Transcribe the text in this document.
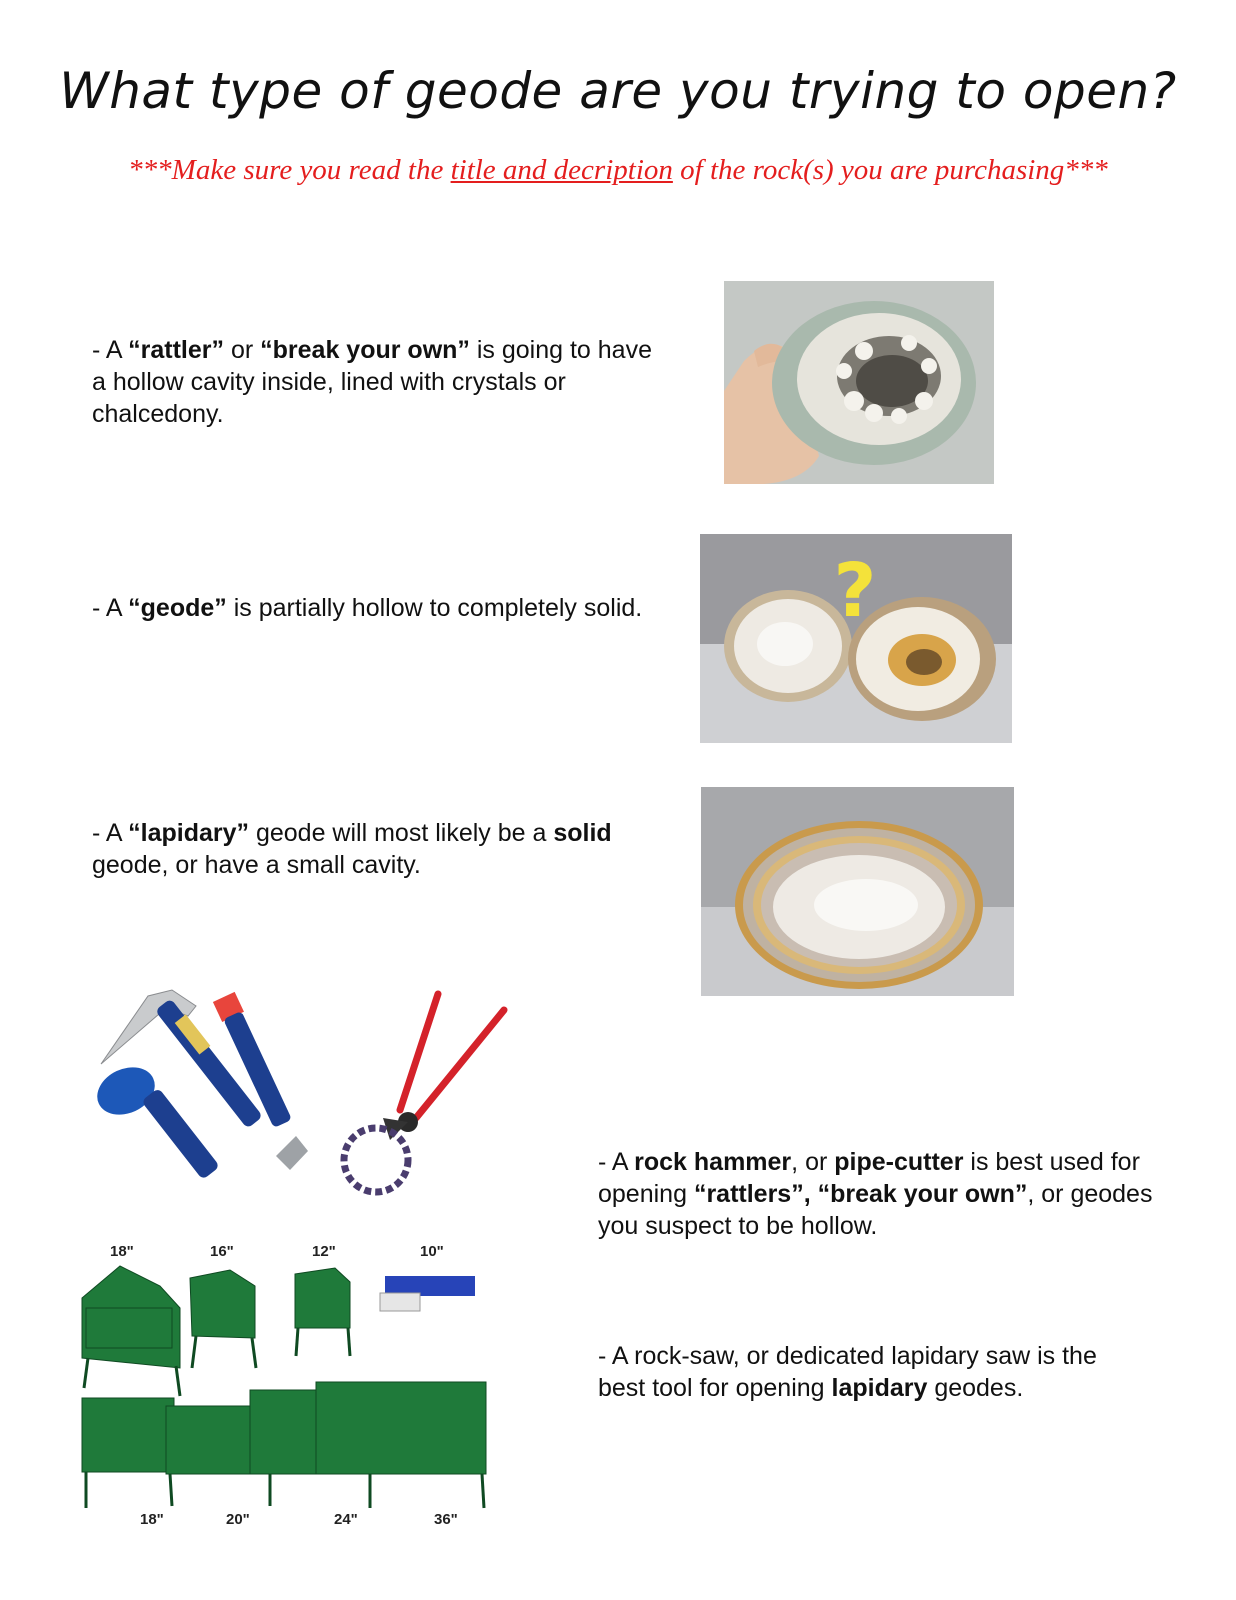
What type of geode are you trying to open?
***Make sure you read the title and decription of the rock(s) you are purchasing***
- A “rattler” or “break your own” is going to have a hollow cavity inside, lined with crystals or chalcedony.
- A “geode” is partially hollow to completely solid.	?
- A “lapidary” geode will most likely be a solid geode, or have a small cavity.
18"	16"	12"	10"
18"	20"	24"	36"
- A rock hammer, or pipe-cutter is best used for opening “rattlers”, “break your own”, or geodes you suspect to be hollow.
- A rock-saw, or dedicated lapidary saw is the best tool for opening lapidary geodes.
